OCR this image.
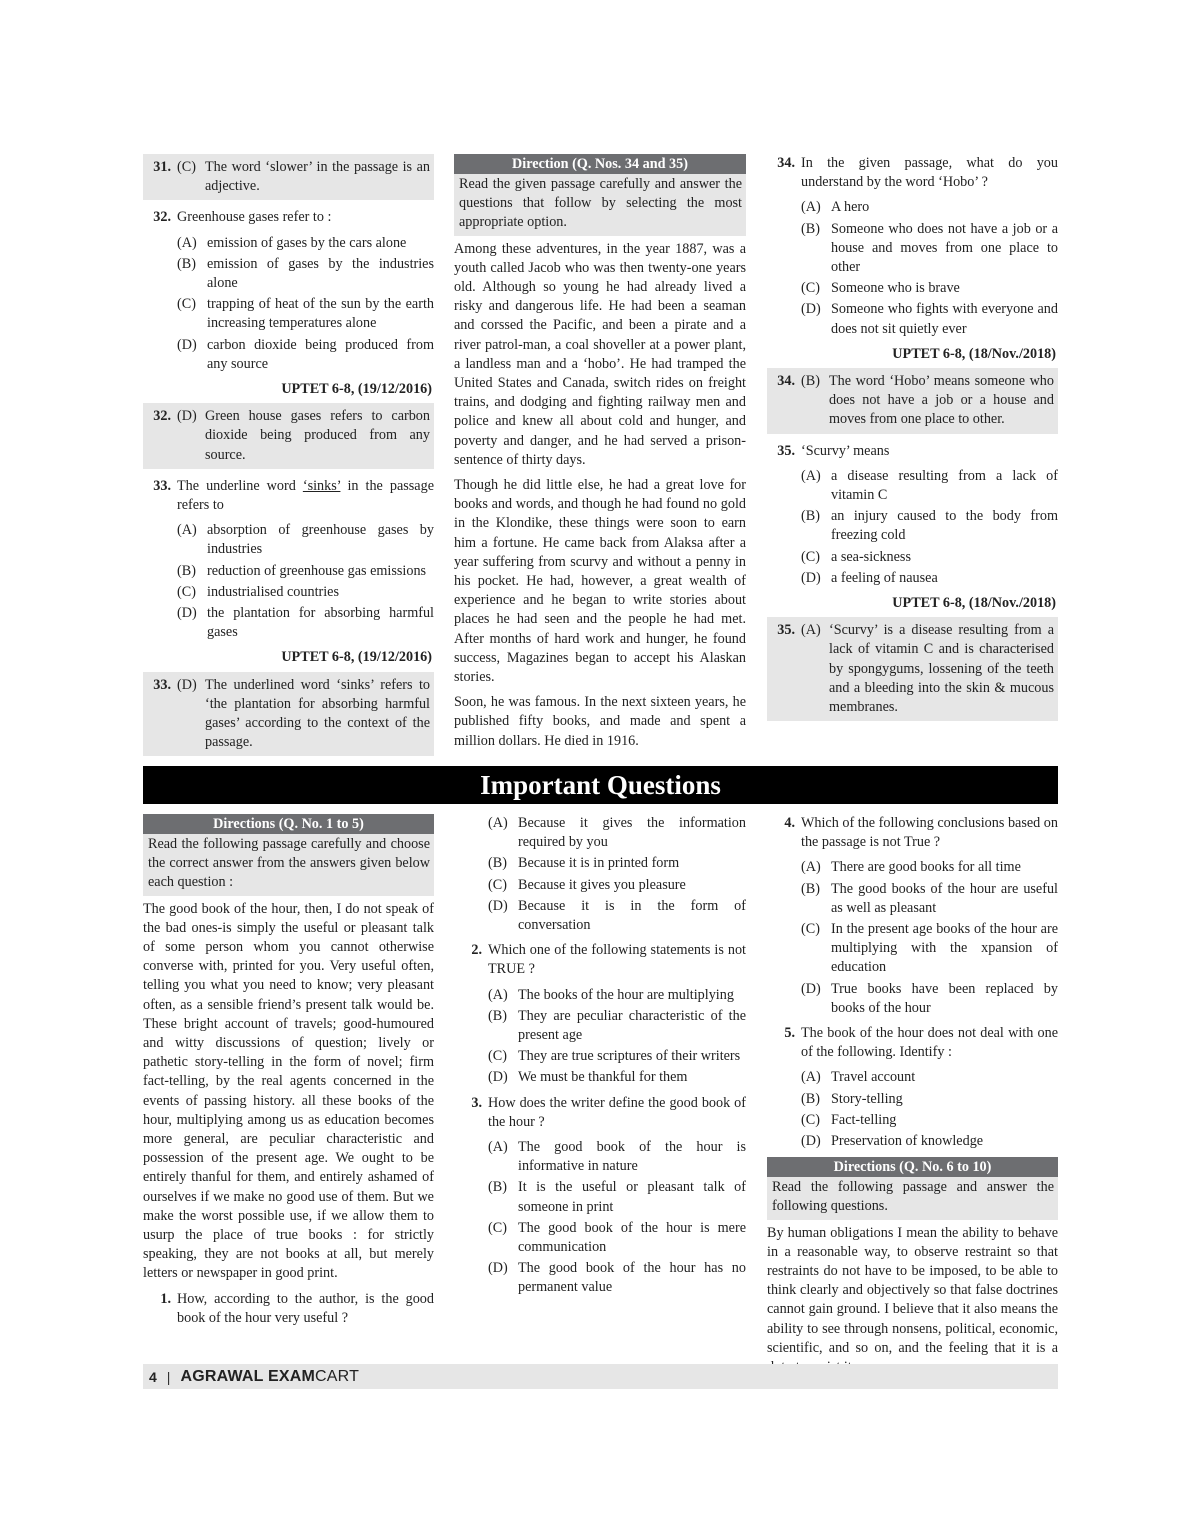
31. (C) The word ‘slower’ in the passage is an adjective.
32. Greenhouse gases refer to :
(A) emission of gases by the cars alone
(B) emission of gases by the industries alone
(C) trapping of heat of the sun by the earth increasing temperatures alone
(D) carbon dioxide being produced from any source
UPTET 6-8, (19/12/2016)
32. (D) Green house gases refers to carbon dioxide being produced from any source.
33. The underline word ‘sinks’ in the passage refers to
(A) absorption of greenhouse gases by industries
(B) reduction of greenhouse gas emissions
(C) industrialised countries
(D) the plantation for absorbing harmful gases
UPTET 6-8, (19/12/2016)
33. (D) The underlined word ‘sinks’ refers to ‘the plantation for absorbing harmful gases’ according to the context of the passage.
Direction (Q. Nos. 34 and 35)
Read the given passage carefully and answer the questions that follow by selecting the most appropriate option.
Among these adventures, in the year 1887, was a youth called Jacob who was then twenty-one years old. Although so young he had already lived a risky and dangerous life. He had been a seaman and corssed the Pacific, and been a pirate and a river patrol-man, a coal shoveller at a power plant, a landless man and a ‘hobo’. He had tramped the United States and Canada, switch rides on freight trains, and dodging and fighting railway men and police and knew all about cold and hunger, and poverty and danger, and he had served a prison-sentence of thirty days.
Though he did little else, he had a great love for books and words, and though he had found no gold in the Klondike, these things were soon to earn him a fortune. He came back from Alaksa after a year suffering from scurvy and without a penny in his pocket. He had, however, a great wealth of experience and he began to write stories about places he had seen and the people he had met. After months of hard work and hunger, he found success, Magazines began to accept his Alaskan stories.
Soon, he was famous. In the next sixteen years, he published fifty books, and made and spent a million dollars. He died in 1916.
34. In the given passage, what do you understand by the word ‘Hobo’ ?
(A) A hero
(B) Someone who does not have a job or a house and moves from one place to other
(C) Someone who is brave
(D) Someone who fights with everyone and does not sit quietly ever
UPTET 6-8, (18/Nov./2018)
34. (B) The word ‘Hobo’ means someone who does not have a job or a house and moves from one place to other.
35. ‘Scurvy’ means
(A) a disease resulting from a lack of vitamin C
(B) an injury caused to the body from freezing cold
(C) a sea-sickness
(D) a feeling of nausea
UPTET 6-8, (18/Nov./2018)
35. (A) ‘Scurvy’ is a disease resulting from a lack of vitamin C and is characterised by spongygums, lossening of the teeth and a bleeding into the skin & mucous membranes.
Important Questions
Directions (Q. No. 1 to 5)
Read the following passage carefully and choose the correct answer from the answers given below each question :
The good book of the hour, then, I do not speak of the bad ones-is simply the useful or pleasant talk of some person whom you cannot otherwise converse with, printed for you. Very useful often, telling you what you need to know; very pleasant often, as a sensible friend’s present talk would be. These bright account of travels; good-humoured and witty discussions of question; lively or pathetic story-telling in the form of novel; firm fact-telling, by the real agents concerned in the events of passing history. all these books of the hour, multiplying among us as education becomes more general, are peculiar characteristic and possession of the present age. We ought to be entirely thanful for them, and entirely ashamed of ourselves if we make no good use of them. But we make the worst possible use, if we allow them to usurp the place of true books : for strictly speaking, they are not books at all, but merely letters or newspaper in good print.
1. How, according to the author, is the good book of the hour very useful ?
(A) Because it gives the information required by you
(B) Because it is in printed form
(C) Because it gives you pleasure
(D) Because it is in the form of conversation
2. Which one of the following statements is not TRUE ?
(A) The books of the hour are multiplying
(B) They are peculiar characteristic of the present age
(C) They are true scriptures of their writers
(D) We must be thankful for them
3. How does the writer define the good book of the hour ?
(A) The good book of the hour is informative in nature
(B) It is the useful or pleasant talk of someone in print
(C) The good book of the hour is mere communication
(D) The good book of the hour has no permanent value
4. Which of the following conclusions based on the passage is not True ?
(A) There are good books for all time
(B) The good books of the hour are useful as well as pleasant
(C) In the present age books of the hour are multiplying with the xpansion of education
(D) True books have been replaced by books of the hour
5. The book of the hour does not deal with one of the following. Identify :
(A) Travel account
(B) Story-telling
(C) Fact-telling
(D) Preservation of knowledge
Directions (Q. No. 6 to 10)
Read the following passage and answer the following questions.
By human obligations I mean the ability to behave in a reasonable way, to observe restraint so that restraints do not have to be imposed, to be able to think clearly and objectively so that false doctrines cannot gain ground. I believe that it also means the ability to see through nonsens, political, economic, scientific, and so on, and the feeling that it is a
4 | AGRAWAL EXAMCART
